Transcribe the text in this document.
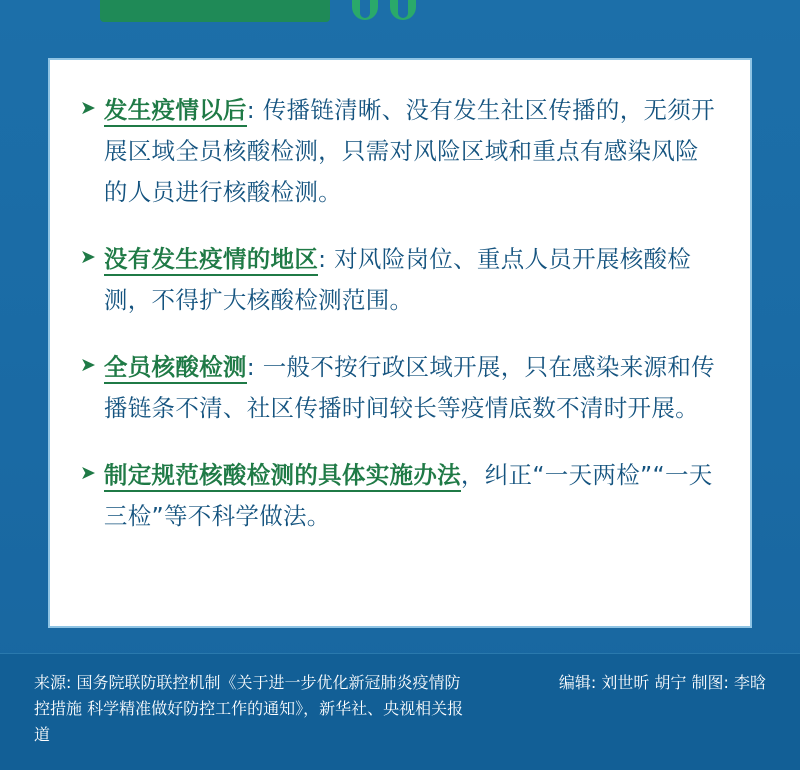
➤ 发生疫情以后: 传播链清晰、没有发生社区传播的，无须开展区域全员核酸检测，只需对风险区域和重点有感染风险的人员进行核酸检测。
➤ 没有发生疫情的地区: 对风险岗位、重点人员开展核酸检测，不得扩大核酸检测范围。
➤ 全员核酸检测: 一般不按行政区域开展，只在感染来源和传播链条不清、社区传播时间较长等疫情底数不清时开展。
➤ 制定规范核酸检测的具体实施办法，纠正“一天两检”“一天三检”等不科学做法。
来源: 国务院联防联控机制《关于进一步优化新冠肺炎疫情防控措施 科学精准做好防控工作的通知》，新华社、央视相关报道
编辑: 刘世昕 胡宁 制图: 李晗
